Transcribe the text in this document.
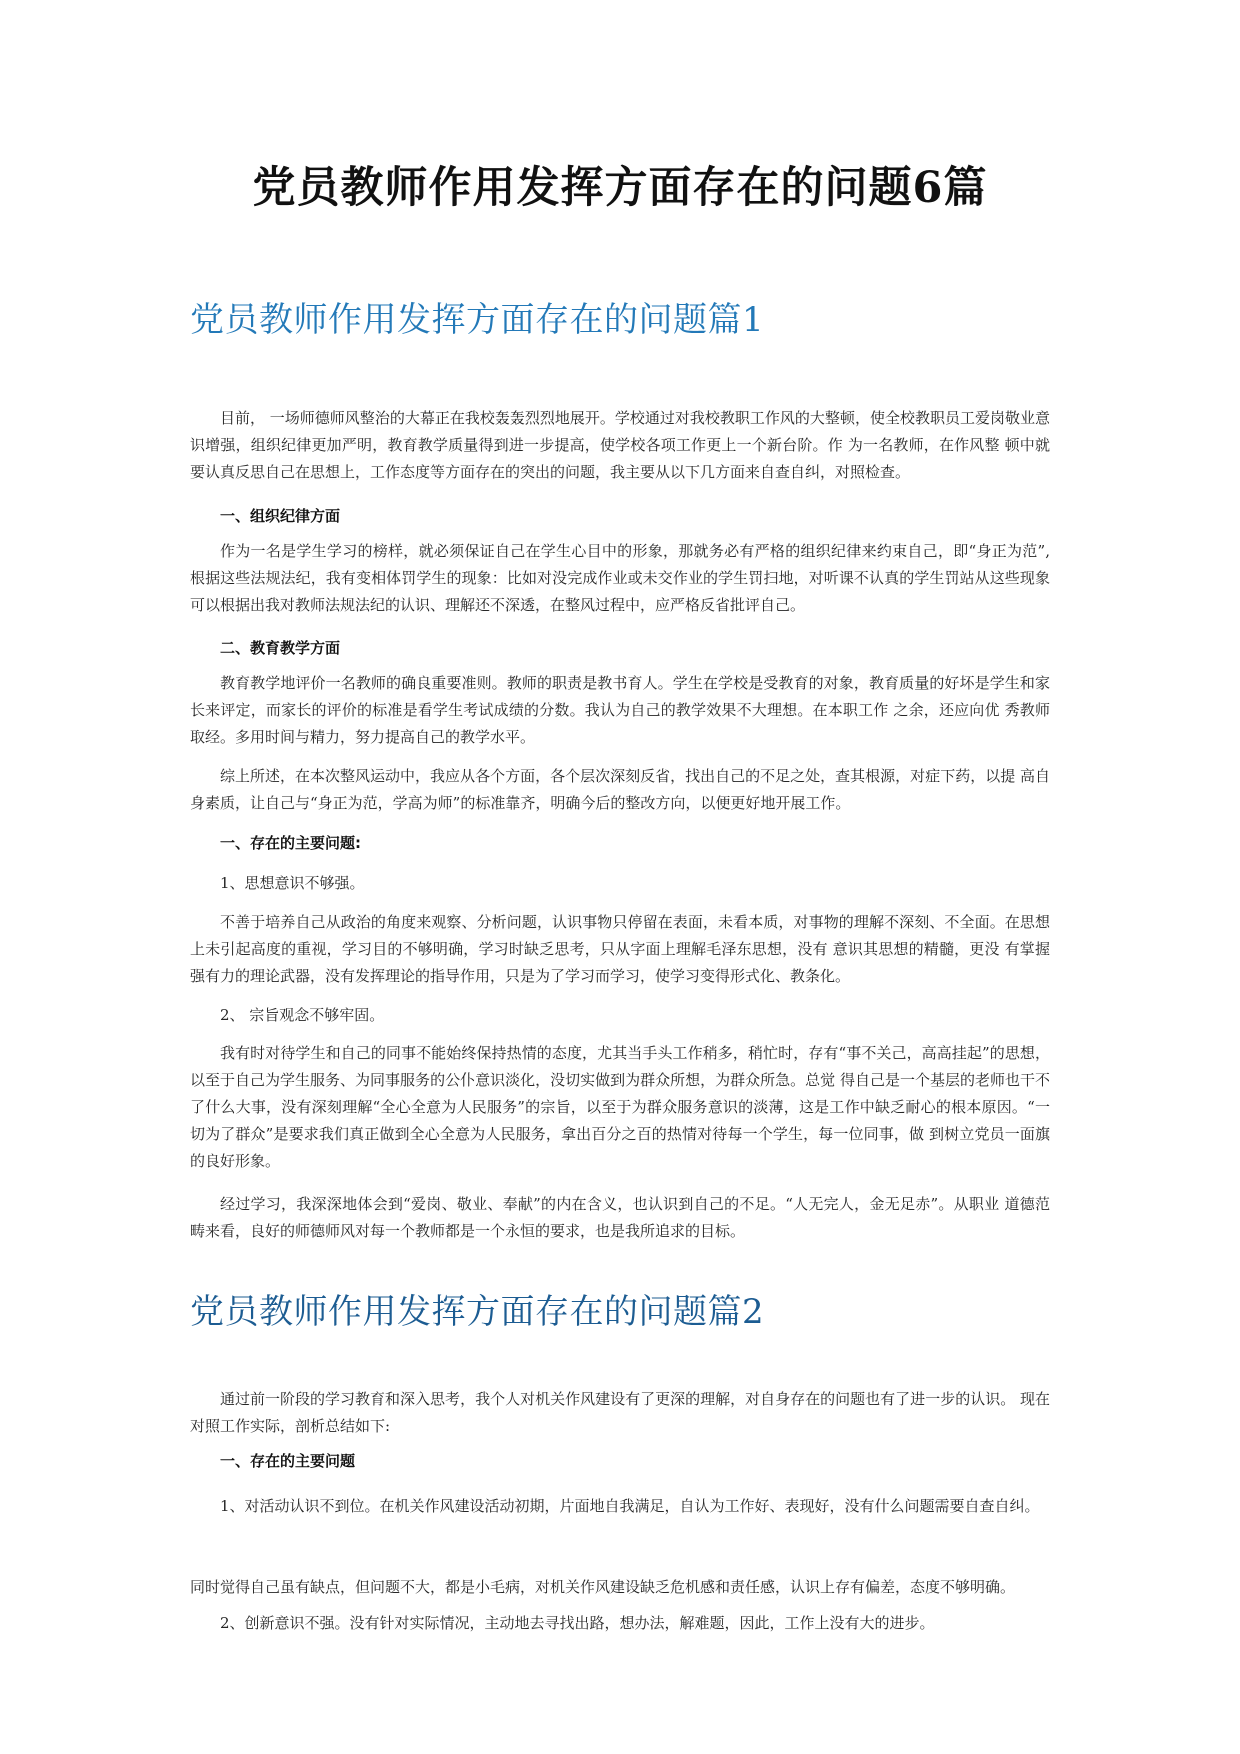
党员教师作用发挥方面存在的问题6篇
党员教师作用发挥方面存在的问题篇1

目前， 一场师德师风整治的大幕正在我校轰轰烈烈地展开。学校通过对我校教职工作风的大整顿，使全校教职员工爱岗敬业意识增强，组织纪律更加严明，教育教学质量得到进一步提高，使学校各项工作更上一个新台阶。作 为一名教师，在作风整 顿中就要认真反思自己在思想上，工作态度等方面存在的突出的问题，我主要从以下几方面来自查自纠，对照检查。

一、组织纪律方面

作为一名是学生学习的榜样，就必须保证自己在学生心目中的形象，那就务必有严格的组织纪律来约束自己，即“身正为范”,根据这些法规法纪，我有变相体罚学生的现象：比如对没完成作业或未交作业的学生罚扫地，对听课不认真的学生罚站从这些现象可以根据出我对教师法规法纪的认识、理解还不深透，在整风过程中，应严格反省批评自己。

二、教育教学方面

教育教学地评价一名教师的确良重要准则。教师的职责是教书育人。学生在学校是受教育的对象，教育质量的好坏是学生和家长来评定，而家长的评价的标准是看学生考试成绩的分数。我认为自己的教学效果不大理想。在本职工作 之余，还应向优 秀教师取经。多用时间与精力，努力提高自己的教学水平。

综上所述，在本次整风运动中，我应从各个方面，各个层次深刻反省，找出自己的不足之处，查其根源，对症下药，以提 高自身素质，让自己与“身正为范，学高为师”的标准靠齐，明确今后的整改方向，以便更好地开展工作。

一、存在的主要问题:

1、思想意识不够强。

不善于培养自己从政治的角度来观察、分析问题，认识事物只停留在表面，未看本质，对事物的理解不深刻、不全面。在思想上未引起高度的重视，学习目的不够明确，学习时缺乏思考，只从字面上理解毛泽东思想，没有 意识其思想的精髓，更没 有掌握强有力的理论武器，没有发挥理论的指导作用，只是为了学习而学习，使学习变得形式化、教条化。

2、 宗旨观念不够牢固。

我有时对待学生和自己的同事不能始终保持热情的态度，尤其当手头工作稍多，稍忙时，存有“事不关己，高高挂起”的思想，以至于自己为学生服务、为同事服务的公仆意识淡化，没切实做到为群众所想，为群众所急。总觉 得自己是一个基层的老师也干不了什么大事，没有深刻理解“全心全意为人民服务”的宗旨，以至于为群众服务意识的淡薄，这是工作中缺乏耐心的根本原因。“一切为了群众”是要求我们真正做到全心全意为人民服务，拿出百分之百的热情对待每一个学生，每一位同事，做 到树立党员一面旗的良好形象。

经过学习，我深深地体会到“爱岗、敬业、奉献”的内在含义，也认识到自己的不足。“人无完人，金无足赤”。从职业 道德范畴来看，良好的师德师风对每一个教师都是一个永恒的要求，也是我所追求的目标。

党员教师作用发挥方面存在的问题篇2

通过前一阶段的学习教育和深入思考，我个人对机关作风建设有了更深的理解，对自身存在的问题也有了进一步的认识。 现在对照工作实际，剖析总结如下:

一、存在的主要问题

1、对活动认识不到位。在机关作风建设活动初期，片面地自我满足，自认为工作好、表现好，没有什么问题需要自查自纠。

同时觉得自己虽有缺点，但问题不大，都是小毛病，对机关作风建设缺乏危机感和责任感，认识上存有偏差，态度不够明确。

2、创新意识不强。没有针对实际情况，主动地去寻找出路，想办法，解难题，因此，工作上没有大的进步。
